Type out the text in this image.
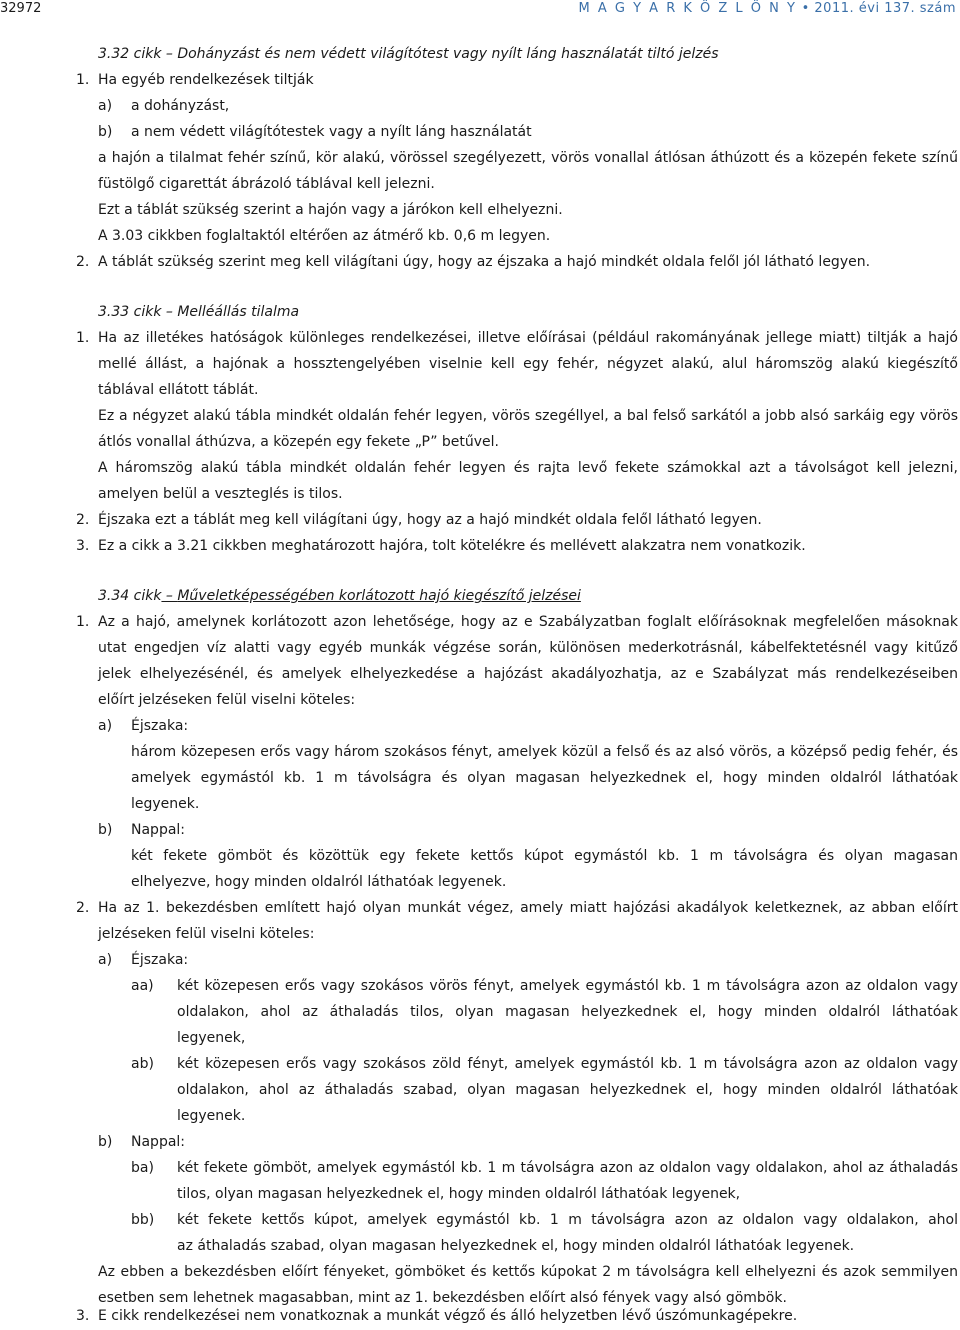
32972	M A G Y A R K Ö Z L Ö N Y • 2011. évi 137. szám
3.32 cikk – Dohányzást és nem védett világítótest vagy nyílt láng használatát tiltó jelzés
1. Ha egyéb rendelkezések tiltják
a) a dohányzást,
b) a nem védett világítótestek vagy a nyílt láng használatát
a hajón a tilalmat fehér színű, kör alakú, vörössel szegélyezett, vörös vonallal átlósan áthúzott és a közepén fekete színű
füstölgő cigarettát ábrázoló táblával kell jelezni.
Ezt a táblát szükség szerint a hajón vagy a járókon kell elhelyezni.
A 3.03 cikkben foglaltaktól eltérően az átmérő kb. 0,6 m legyen.
2. A táblát szükség szerint meg kell világítani úgy, hogy az éjszaka a hajó mindkét oldala felől jól látható legyen.
3.33 cikk – Melléállás tilalma
1. Ha az illetékes hatóságok különleges rendelkezései, illetve előírásai (például rakományának jellege miatt) tiltják a hajó
mellé állást, a hajónak a hossztengelyében viselnie kell egy fehér, négyzet alakú, alul háromszög alakú kiegészítő
táblával ellátott táblát.
Ez a négyzet alakú tábla mindkét oldalán fehér legyen, vörös szegéllyel, a bal felső sarkától a jobb alsó sarkáig egy vörös
átlós vonallal áthúzva, a közepén egy fekete „P” betűvel.
A háromszög alakú tábla mindkét oldalán fehér legyen és rajta levő fekete számokkal azt a távolságot kell jelezni,
amelyen belül a veszteglés is tilos.
2. Éjszaka ezt a táblát meg kell világítani úgy, hogy az a hajó mindkét oldala felől látható legyen.
3. Ez a cikk a 3.21 cikkben meghatározott hajóra, tolt kötelékre és mellévett alakzatra nem vonatkozik.
3.34 cikk – Műveletképességében korlátozott hajó kiegészítő jelzései
1. Az a hajó, amelynek korlátozott azon lehetősége, hogy az e Szabályzatban foglalt előírásoknak megfelelően másoknak
utat engedjen víz alatti vagy egyéb munkák végzése során, különösen mederkotrásnál, kábelfektetésnél vagy kitűző
jelek elhelyezésénél, és amelyek elhelyezkedése a hajózást akadályozhatja, az e Szabályzat más rendelkezéseiben
előírt jelzéseken felül viselni köteles:
a) Éjszaka:
három közepesen erős vagy három szokásos fényt, amelyek közül a felső és az alsó vörös, a középső pedig fehér, és
amelyek egymástól kb. 1 m távolságra és olyan magasan helyezkednek el, hogy minden oldalról láthatóak
legyenek.
b) Nappal:
két fekete gömböt és közöttük egy fekete kettős kúpot egymástól kb. 1 m távolságra és olyan magasan
elhelyezve, hogy minden oldalról láthatóak legyenek.
2. Ha az 1. bekezdésben említett hajó olyan munkát végez, amely miatt hajózási akadályok keletkeznek, az abban előírt
jelzéseken felül viselni köteles:
a) Éjszaka:
aa) két közepesen erős vagy szokásos vörös fényt, amelyek egymástól kb. 1 m távolságra azon az oldalon vagy
oldalakon, ahol az áthaladás tilos, olyan magasan helyezkednek el, hogy minden oldalról láthatóak
legyenek,
ab) két közepesen erős vagy szokásos zöld fényt, amelyek egymástól kb. 1 m távolságra azon az oldalon vagy
oldalakon, ahol az áthaladás szabad, olyan magasan helyezkednek el, hogy minden oldalról láthatóak
legyenek.
b) Nappal:
ba) két fekete gömböt, amelyek egymástól kb. 1 m távolságra azon az oldalon vagy oldalakon, ahol az áthaladás
tilos, olyan magasan helyezkednek el, hogy minden oldalról láthatóak legyenek,
bb) két fekete kettős kúpot, amelyek egymástól kb. 1 m távolságra azon az oldalon vagy oldalakon, ahol
az áthaladás szabad, olyan magasan helyezkednek el, hogy minden oldalról láthatóak legyenek.
Az ebben a bekezdésben előírt fényeket, gömböket és kettős kúpokat 2 m távolságra kell elhelyezni és azok semmilyen
esetben sem lehetnek magasabban, mint az 1. bekezdésben előírt alsó fények vagy alsó gömbök.
3. E cikk rendelkezései nem vonatkoznak a munkát végző és álló helyzetben lévő úszómunkagépekre.
